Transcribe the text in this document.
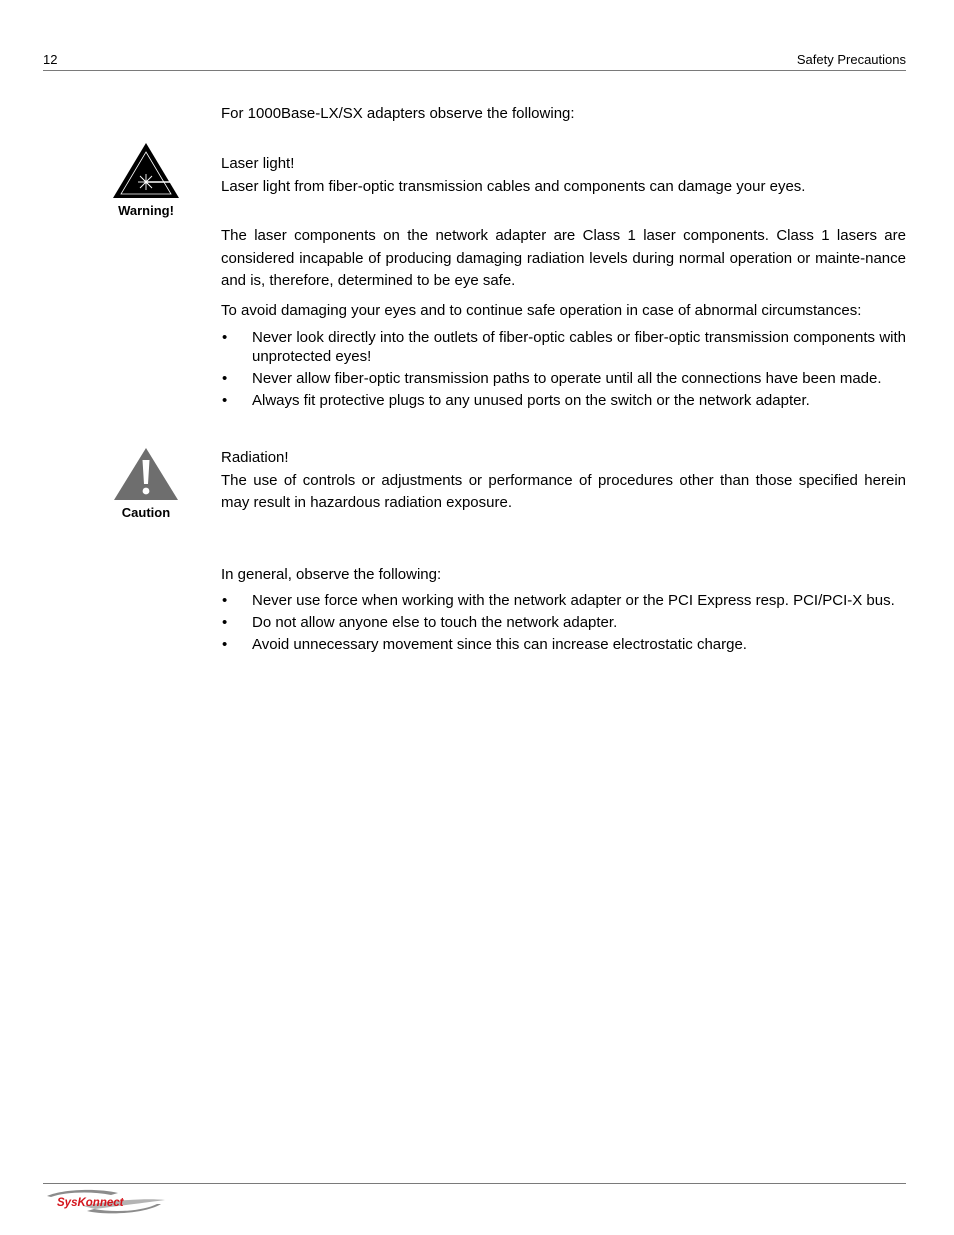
12	Safety Precautions

For 1000Base-LX/SX adapters observe the following:

Warning!

Laser light!

Laser light from fiber-optic transmission cables and components can damage your eyes.

The laser components on the network adapter are Class 1 laser components. Class 1 lasers are considered incapable of producing damaging radiation levels during normal operation or mainte-nance and is, therefore, determined to be eye safe.

To avoid damaging your eyes and to continue safe operation in case of abnormal circumstances:

• Never look directly into the outlets of fiber-optic cables or fiber-optic transmission components with unprotected eyes!
• Never allow fiber-optic transmission paths to operate until all the connections have been made.
• Always fit protective plugs to any unused ports on the switch or the network adapter.
Caution

Radiation!

The use of controls or adjustments or performance of procedures other than those specified herein may result in hazardous radiation exposure.

In general, observe the following:

• Never use force when working with the network adapter or the PCI Express resp. PCI/PCI-X bus.
• Do not allow anyone else to touch the network adapter.
• Avoid unnecessary movement since this can increase electrostatic charge.
SysKonnect
